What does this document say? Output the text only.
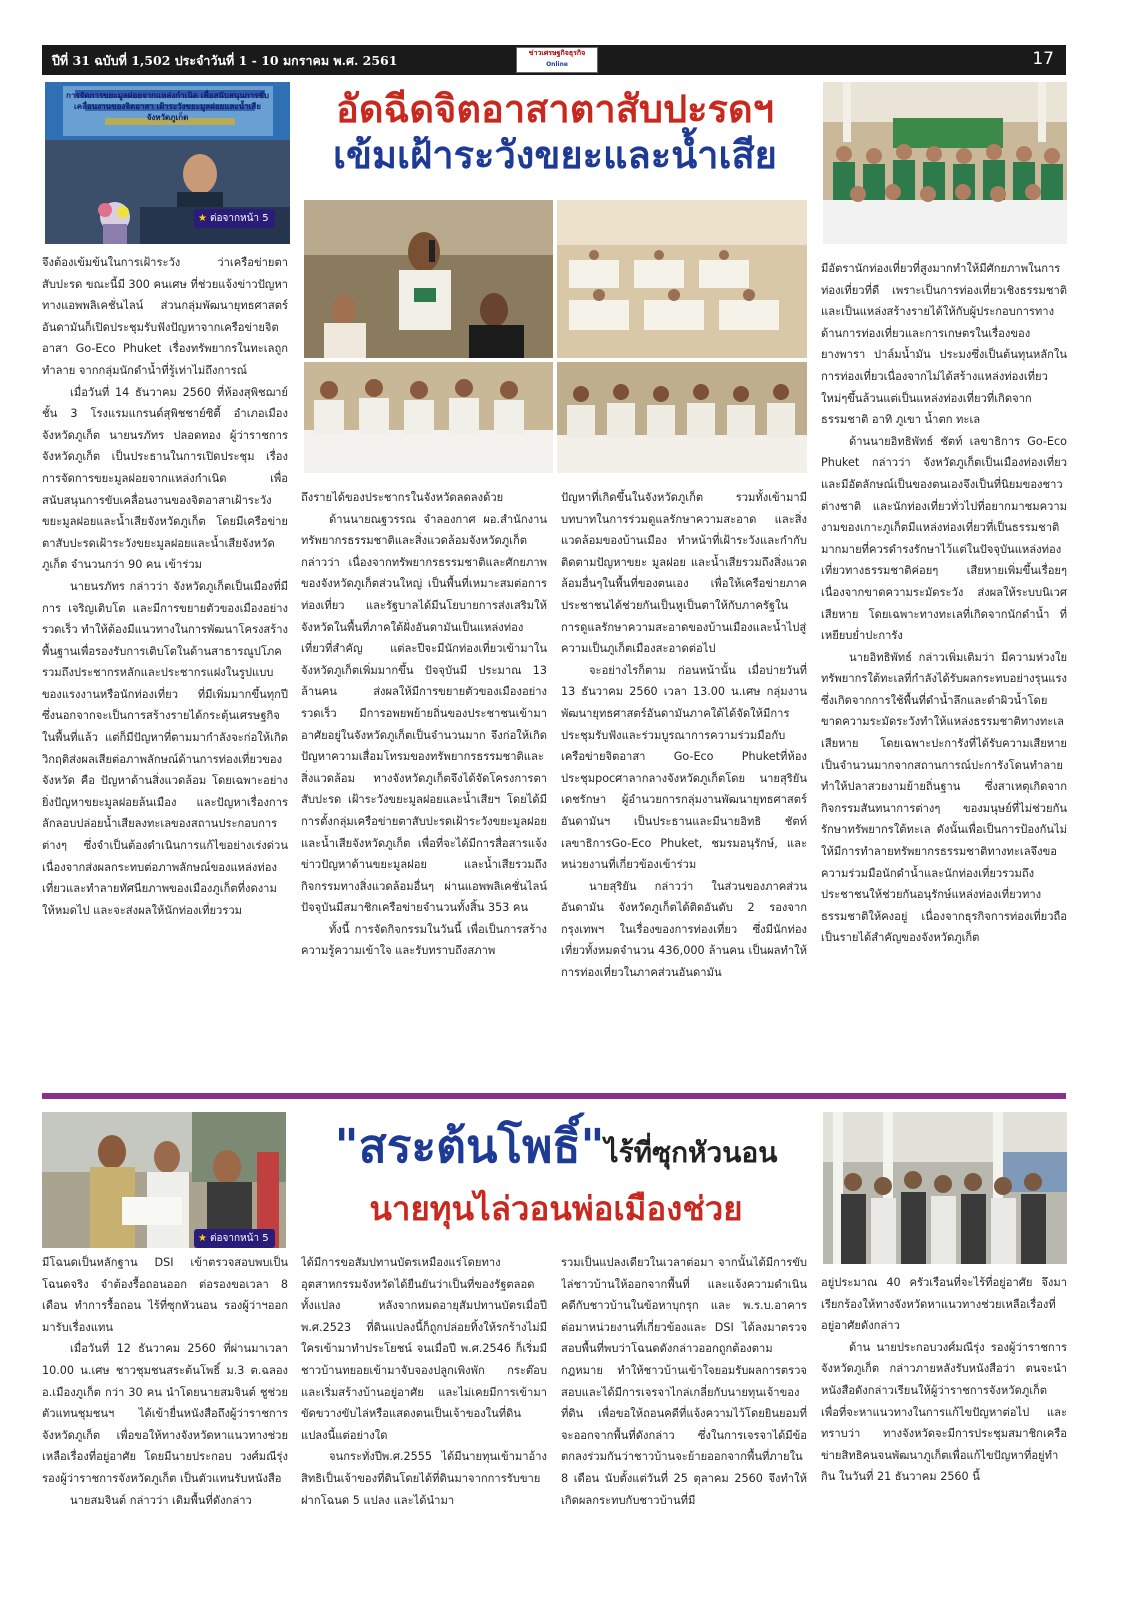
ปีที่ 31 ฉบับที่ 1,502 ประจำวันที่ 1 - 10 มกราคม พ.ศ. 2561	ข่าวเศรษฐกิจธุรกิจ
Online	17
การจัดการขยะมูลฝอยจากแหล่งกำเนิด เพื่อสนับสนุนการขับเคลื่อนงานของจิตอาสา เฝ้าระวังขยะมูลฝอยและน้ำเสียจังหวัดภูเก็ต
★ ต่อจากหน้า 5
อัดฉีดจิตอาสาตาสับปะรดฯ
เข้มเฝ้าระวังขยะและน้ำเสีย

จึงต้องเข้มข้นในการเฝ้าระวัง ว่าเครือข่ายตาสับปะรด ขณะนี้มี 300 คนเศษ ที่ช่วยแจ้งข่าวปัญหาทางแอพพลิเคชั่นไลน์ ส่วนกลุ่มพัฒนายุทธศาสตร์อันดามันก็เปิดประชุมรับฟังปัญหาจากเครือข่ายจิตอาสา Go-Eco Phuket เรื่องทรัพยากรในทะเลถูกทำลาย จากกลุ่มนักดำน้ำที่รู้เท่าไม่ถึงการณ์

เมื่อวันที่ 14 ธันวาคม 2560 ที่ห้องสุพิชฌาย์ ชั้น 3 โรงแรมแกรนด์สุพิชชาย์ซิตี้ อำเภอเมือง จังหวัดภูเก็ต นายนรภัทร ปลอดทอง ผู้ว่าราชการจังหวัดภูเก็ต เป็นประธานในการเปิดประชุม เรื่องการจัดการขยะมูลฝอยจากแหล่งกำเนิด เพื่อสนับสนุนการขับเคลื่อนงานของจิตอาสาเฝ้าระวังขยะมูลฝอยและน้ำเสียจังหวัดภูเก็ต โดยมีเครือข่ายตาสับปะรดเฝ้าระวังขยะมูลฝอยและน้ำเสียจังหวัดภูเก็ต จำนวนกว่า 90 คน เข้าร่วม

นายนรภัทร กล่าวว่า จังหวัดภูเก็ตเป็นเมืองที่มีการ เจริญเติบโต และมีการขยายตัวของเมืองอย่างรวดเร็ว ทำให้ต้องมีแนวทางในการพัฒนาโครงสร้างพื้นฐานเพื่อรองรับการเติบโตในด้านสาธารณูปโภค รวมถึงประชากรหลักและประชากรแฝงในรูปแบบของแรงงานหรือนักท่องเที่ยว ที่มีเพิ่มมากขึ้นทุกปี ซึ่งนอกจากจะเป็นการสร้างรายได้กระตุ้นเศรษฐกิจในพื้นที่แล้ว แต่ก็มีปัญหาที่ตามมากำลังจะก่อให้เกิดวิกฤติส่งผลเสียต่อภาพลักษณ์ด้านการท่องเที่ยวของจังหวัด คือ ปัญหาด้านสิ่งแวดล้อม โดยเฉพาะอย่างยิ่งปัญหาขยะมูลฝอยล้นเมือง และปัญหาเรื่องการ ลักลอบปล่อยน้ำเสียลงทะเลของสถานประกอบการต่างๆ ซึ่งจำเป็นต้องดำเนินการแก้ไขอย่างเร่งด่วน เนื่องจากส่งผลกระทบต่อภาพลักษณ์ของแหล่งท่องเที่ยวและทำลายทัศนียภาพของเมืองภูเก็ตที่งดงามให้หมดไป และจะส่งผลให้นักท่องเที่ยวรวม

ถึงรายได้ของประชากรในจังหวัดลดลงด้วย

ด้านนายณฐวรรณ จำลองกาศ ผอ.สำนักงานทรัพยากรธรรมชาติและสิ่งแวดล้อมจังหวัดภูเก็ต กล่าวว่า เนื่องจากทรัพยากรธรรมชาติและศักยภาพของจังหวัดภูเก็ตส่วนใหญ่ เป็นพื้นที่เหมาะสมต่อการท่องเที่ยว และรัฐบาลได้มีนโยบายการส่งเสริมให้จังหวัดในพื้นที่ภาคใต้ฝั่งอันดามันเป็นแหล่งท่องเที่ยวที่สำคัญ แต่ละปีจะมีนักท่องเที่ยวเข้ามาในจังหวัดภูเก็ตเพิ่มมากขึ้น ปัจจุบันมี ประมาณ 13 ล้านคน ส่งผลให้มีการขยายตัวของเมืองอย่างรวดเร็ว มีการอพยพย้ายถิ่นของประชาชนเข้ามาอาศัยอยู่ในจังหวัดภูเก็ตเป็นจำนวนมาก จึงก่อให้เกิดปัญหาความเสื่อมโทรมของทรัพยากรธรรมชาติและสิ่งแวดล้อม ทางจังหวัดภูเก็ตจึงได้จัดโครงการตาสับปะรด เฝ้าระวังขยะมูลฝอยและน้ำเสียฯ โดยได้มีการตั้งกลุ่มเครือข่ายตาสับปะรดเฝ้าระวังขยะมูลฝอยและน้ำเสียจังหวัดภูเก็ต เพื่อที่จะได้มีการสื่อสารแจ้งข่าวปัญหาด้านขยะมูลฝอย และน้ำเสียรวมถึงกิจกรรมทางสิ่งแวดล้อมอื่นๆ ผ่านแอพพลิเคชั่นไลน์ ปัจจุบันมีสมาชิกเครือข่ายจำนวนทั้งสิ้น 353 คน

ทั้งนี้ การจัดกิจกรรมในวันนี้ เพื่อเป็นการสร้างความรู้ความเข้าใจ และรับทราบถึงสภาพ

ปัญหาที่เกิดขึ้นในจังหวัดภูเก็ต รวมทั้งเข้ามามีบทบาทในการร่วมดูแลรักษาความสะอาด และสิ่งแวดล้อมของบ้านเมือง ทำหน้าที่เฝ้าระวังและกำกับติดตามปัญหาขยะ มูลฝอย และน้ำเสียรวมถึงสิ่งแวดล้อมอื่นๆในพื้นที่ของตนเอง เพื่อให้เครือข่ายภาคประชาชนได้ช่วยกันเป็นหูเป็นตาให้กับภาครัฐในการดูแลรักษาความสะอาดของบ้านเมืองและน้ำไปสู่ความเป็นภูเก็ตเมืองสะอาดต่อไป

จะอย่างไรก็ตาม ก่อนหน้านั้น เมื่อบ่ายวันที่ 13 ธันวาคม 2560 เวลา 13.00 น.เศษ กลุ่มงานพัฒนายุทธศาสตร์อันดามันภาคใต้ได้จัดให้มีการประชุมรับฟังและร่วมบูรณาการความร่วมมือกับเครือข่ายจิตอาสา Go-Eco Phuketที่ห้องประชุมpocศาลากลางจังหวัดภูเก็ตโดย นายสุริยัน เดชรักษา ผู้อำนวยการกลุ่มงานพัฒนายุทธศาสตร์อันดามันฯ เป็นประธานและมีนายอิทธิ ชัตท์ เลขาธิการGo-Eco Phuket, ชมรมอนุรักษ์, และหน่วยงานที่เกี่ยวข้องเข้าร่วม

นายสุริยัน กล่าวว่า ในส่วนของภาคส่วนอันดามัน จังหวัดภูเก็ตได้ติดอันดับ 2 รองจากกรุงเทพฯ ในเรื่องของการท่องเที่ยว ซึ่งมีนักท่องเที่ยวทั้งหมดจำนวน 436,000 ล้านคน เป็นผลทำให้การท่องเที่ยวในภาคส่วนอันดามัน

มีอัตรานักท่องเที่ยวที่สูงมากทำให้มีศักยภาพในการท่องเที่ยวที่ดี เพราะเป็นการท่องเที่ยวเชิงธรรมชาติและเป็นแหล่งสร้างรายได้ให้กับผู้ประกอบการทางด้านการท่องเที่ยวและการเกษตรในเรื่องของยางพารา ปาล์มน้ำมัน ประมงซึ่งเป็นต้นทุนหลักในการท่องเที่ยวเนื่องจากไม่ได้สร้างแหล่งท่องเที่ยวใหม่ๆขึ้นล้วนแต่เป็นแหล่งท่องเที่ยวที่เกิดจากธรรมชาติ อาทิ ภูเขา น้ำตก ทะเล

ด้านนายอิทธิพัทธ์ ชัตท์ เลขาธิการ Go-Eco Phuket กล่าวว่า จังหวัดภูเก็ตเป็นเมืองท่องเที่ยวและมีอัตลักษณ์เป็นของตนเองจึงเป็นที่นิยมของชาวต่างชาติ และนักท่องเที่ยวทั่วไปที่อยากมาชมความงามของเกาะภูเก็ตมีแหล่งท่องเที่ยวที่เป็นธรรมชาติมากมายที่ควรดำรงรักษาไว้แต่ในปัจจุบันแหล่งท่องเที่ยวทางธรรมชาติค่อยๆ เสียหายเพิ่มขึ้นเรื่อยๆเนื่องจากขาดความระมัดระวัง ส่งผลให้ระบบนิเวศเสียหาย โดยเฉพาะทางทะเลที่เกิดจากนักดำน้ำ ที่เหยียบย่ำปะการัง

นายอิทธิพัทธ์ กล่าวเพิ่มเติมว่า มีความห่วงใยทรัพยากรใต้ทะเลที่กำลังได้รับผลกระทบอย่างรุนแรงซึ่งเกิดจากการใช้พื้นที่ดำน้ำลึกและดำผิวน้ำโดยขาดความระมัดระวังทำให้แหล่งธรรมชาติทางทะเลเสียหาย โดยเฉพาะปะการังที่ได้รับความเสียหายเป็นจำนวนมากจากสถานการณ์ปะการังโดนทำลายทำให้ปลาสวยงามย้ายถิ่นฐาน ซึ่งสาเหตุเกิดจากกิจกรรมสันทนาการต่างๆ ของมนุษย์ที่ไม่ช่วยกันรักษาทรัพยากรใต้ทะเล ดังนั้นเพื่อเป็นการป้องกันไม่ให้มีการทำลายทรัพยากรธรรมชาติทางทะเลจึงขอความร่วมมือนักดำน้ำและนักท่องเที่ยวรวมถึงประชาชนให้ช่วยกันอนุรักษ์แหล่งท่องเที่ยวทางธรรมชาติให้คงอยู่ เนื่องจากธุรกิจการท่องเที่ยวถือเป็นรายได้สำคัญของจังหวัดภูเก็ต

★ ต่อจากหน้า 5
"สระต้นโพธิ์"ไร้ที่ซุกหัวนอน
นายทุนไล่วอนพ่อเมืองช่วย

มีโฉนดเป็นหลักฐาน DSI เข้าตรวจสอบพบเป็นโฉนดจริง จำต้องรื้อถอนออก ต่อรองขอเวลา 8 เดือน ทำการรื้อถอน ไร้ที่ซุกหัวนอน รองผู้ว่าฯออกมารับเรื่องแทน

เมื่อวันที่ 12 ธันวาคม 2560 ที่ผ่านมาเวลา 10.00 น.เศษ ชาวชุมชนสระต้นโพธิ์ ม.3 ต.ฉลอง อ.เมืองภูเก็ต กว่า 30 คน นำโดยนายสมจินต์ ชูช่วย ตัวแทนชุมชนฯ ได้เข้ายื่นหนังสือถึงผู้ว่าราชการจังหวัดภูเก็ต เพื่อขอให้ทางจังหวัดหาแนวทางช่วยเหลือเรื่องที่อยู่อาศัย โดยมีนายประกอบ วงศ์มณีรุ่ง รองผู้ว่าราชการจังหวัดภูเก็ต เป็นตัวแทนรับหนังสือ

นายสมจินต์ กล่าวว่า เดิมพื้นที่ดังกล่าว

ได้มีการขอสัมปทานบัตรเหมืองแร่โดยทางอุตสาหกรรมจังหวัดได้ยืนยันว่าเป็นที่ของรัฐตลอดทั้งแปลง หลังจากหมดอายุสัมปทานบัตรเมื่อปี พ.ศ.2523 ที่ดินแปลงนี้ก็ถูกปล่อยทิ้งให้รกร้างไม่มีใครเข้ามาทำประโยชน์ จนเมื่อปี พ.ศ.2546 ก็เริ่มมีชาวบ้านทยอยเข้ามาจับจองปลูกเพิงพัก กระต๊อบ และเริ่มสร้างบ้านอยู่อาศัย และไม่เคยมีการเข้ามาขัดขวางขับไล่หรือแสดงตนเป็นเจ้าของในที่ดินแปลงนี้แต่อย่างใด

จนกระทั่งปีพ.ศ.2555 ได้มีนายทุนเข้ามาอ้างสิทธิเป็นเจ้าของที่ดินโดยได้ที่ดินมาจากการรับขายฝากโฉนด 5 แปลง และได้นำมา

รวมเป็นแปลงเดียวในเวลาต่อมา จากนั้นได้มีการขับไล่ชาวบ้านให้ออกจากพื้นที่ และแจ้งความดำเนินคดีกับชาวบ้านในข้อหาบุกรุก และ พ.ร.บ.อาคาร ต่อมาหน่วยงานที่เกี่ยวข้องและ DSI ได้ลงมาตรวจสอบพื้นที่พบว่าโฉนดดังกล่าวออกถูกต้องตามกฎหมาย ทำให้ชาวบ้านเข้าใจยอมรับผลการตรวจสอบและได้มีการเจรจาไกล่เกลี่ยกับนายทุนเจ้าของที่ดิน เพื่อขอให้ถอนคดีที่แจ้งความไว้โดยยินยอมที่จะออกจากพื้นที่ดังกล่าว ซึ่งในการเจรจาได้มีข้อตกลงร่วมกันว่าชาวบ้านจะย้ายออกจากพื้นที่ภายใน 8 เดือน นับตั้งแต่วันที่ 25 ตุลาคม 2560 จึงทำให้เกิดผลกระทบกับชาวบ้านที่มี

อยู่ประมาณ 40 ครัวเรือนที่จะไร้ที่อยู่อาศัย จึงมาเรียกร้องให้ทางจังหวัดหาแนวทางช่วยเหลือเรื่องที่อยู่อาศัยดังกล่าว

ด้าน นายประกอบวงศ์มณีรุ่ง รองผู้ว่าราชการจังหวัดภูเก็ต กล่าวภายหลังรับหนังสือว่า ตนจะนำหนังสือดังกล่าวเรียนให้ผู้ว่าราชการจังหวัดภูเก็ต เพื่อที่จะหาแนวทางในการแก้ไขปัญหาต่อไป และทราบว่า ทางจังหวัดจะมีการประชุมสมาชิกเครือข่ายสิทธิคนจนพัฒนาภูเก็ตเพื่อแก้ไขปัญหาที่อยู่ทำกิน ในวันที่ 21 ธันวาคม 2560 นี้
